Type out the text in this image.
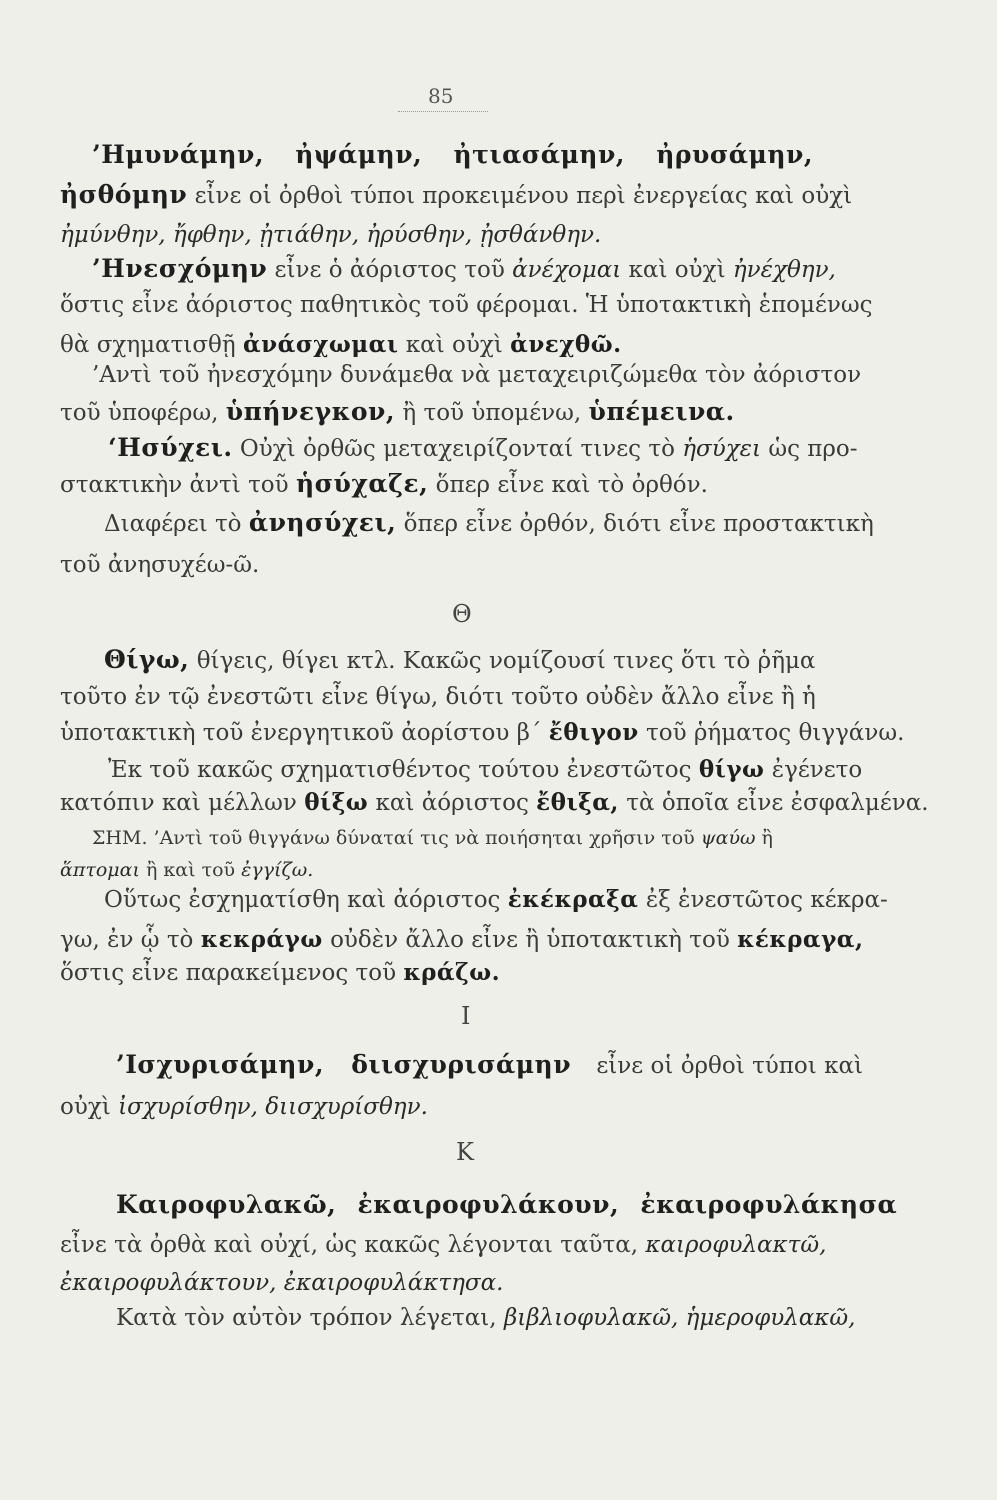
85
’Ημυνάμην, ἠψάμην, ἠτιασάμην, ἠρυσάμην,
ἠσθόμην εἶνε οἱ ὀρθοὶ τύποι προκειμένου περὶ ἐνεργείας καὶ οὐχὶ
ἠμύνθην, ἤφθην, ᾐτιάθην, ἠρύσθην, ᾐσθάνθην.
’Ηνεσχόμην εἶνε ὁ ἀόριστος τοῦ ἀνέχομαι καὶ οὐχὶ ἠνέχθην,
ὅστις εἶνε ἀόριστος παθητικὸς τοῦ φέρομαι. Ἡ ὑποτακτικὴ ἑπομένως
θὰ σχηματισθῇ ἀνάσχωμαι καὶ οὐχὶ ἀνεχθῶ.
’Αντὶ τοῦ ἠνεσχόμην δυνάμεθα νὰ μεταχειριζώμεθα τὸν ἀόριστον
τοῦ ὑποφέρω, ὑπήνεγκον, ἢ τοῦ ὑπομένω, ὑπέμεινα.
‘Ησύχει. Οὐχὶ ὀρθῶς μεταχειρίζονταί τινες τὸ ἡσύχει ὡς προ-
στακτικὴν ἀντὶ τοῦ ἡσύχαζε, ὅπερ εἶνε καὶ τὸ ὀρθόν.
Διαφέρει τὸ ἀνησύχει, ὅπερ εἶνε ὀρθόν, διότι εἶνε προστακτικὴ
τοῦ ἀνησυχέω-ῶ.
Θ
Θίγω, θίγεις, θίγει κτλ. Κακῶς νομίζουσί τινες ὅτι τὸ ῥῆμα
τοῦτο ἐν τῷ ἐνεστῶτι εἶνε θίγω, διότι τοῦτο οὐδὲν ἄλλο εἶνε ἢ ἡ
ὑποτακτικὴ τοῦ ἐνεργητικοῦ ἀορίστου β΄ ἔθιγον τοῦ ῥήματος θιγγάνω.
Ἐκ τοῦ κακῶς σχηματισθέντος τούτου ἐνεστῶτος θίγω ἐγένετο
κατόπιν καὶ μέλλων θίξω καὶ ἀόριστος ἔθιξα, τὰ ὁποῖα εἶνε ἐσφαλμένα.
ΣΗΜ. ’Αντὶ τοῦ θιγγάνω δύναταί τις νὰ ποιήσηται χρῆσιν τοῦ ψαύω ἢ
ἅπτομαι ἢ καὶ τοῦ ἐγγίζω.
Οὕτως ἐσχηματίσθη καὶ ἀόριστος ἐκέκραξα ἐξ ἐνεστῶτος κέκρα-
γω, ἐν ᾧ τὸ κεκράγω οὐδὲν ἄλλο εἶνε ἢ ὑποτακτικὴ τοῦ κέκραγα,
ὅστις εἶνε παρακείμενος τοῦ κράζω.
Ι
’Ισχυρισάμην, διισχυρισάμην εἶνε οἱ ὀρθοὶ τύποι καὶ
οὐχὶ ἰσχυρίσθην, διισχυρίσθην.
Κ
Καιροφυλακῶ, ἐκαιροφυλάκουν, ἐκαιροφυλάκησα
εἶνε τὰ ὀρθὰ καὶ οὐχί, ὡς κακῶς λέγονται ταῦτα, καιροφυλακτῶ,
ἐκαιροφυλάκτουν, ἐκαιροφυλάκτησα.
Κατὰ τὸν αὐτὸν τρόπον λέγεται, βιβλιοφυλακῶ, ἡμεροφυλακῶ,
